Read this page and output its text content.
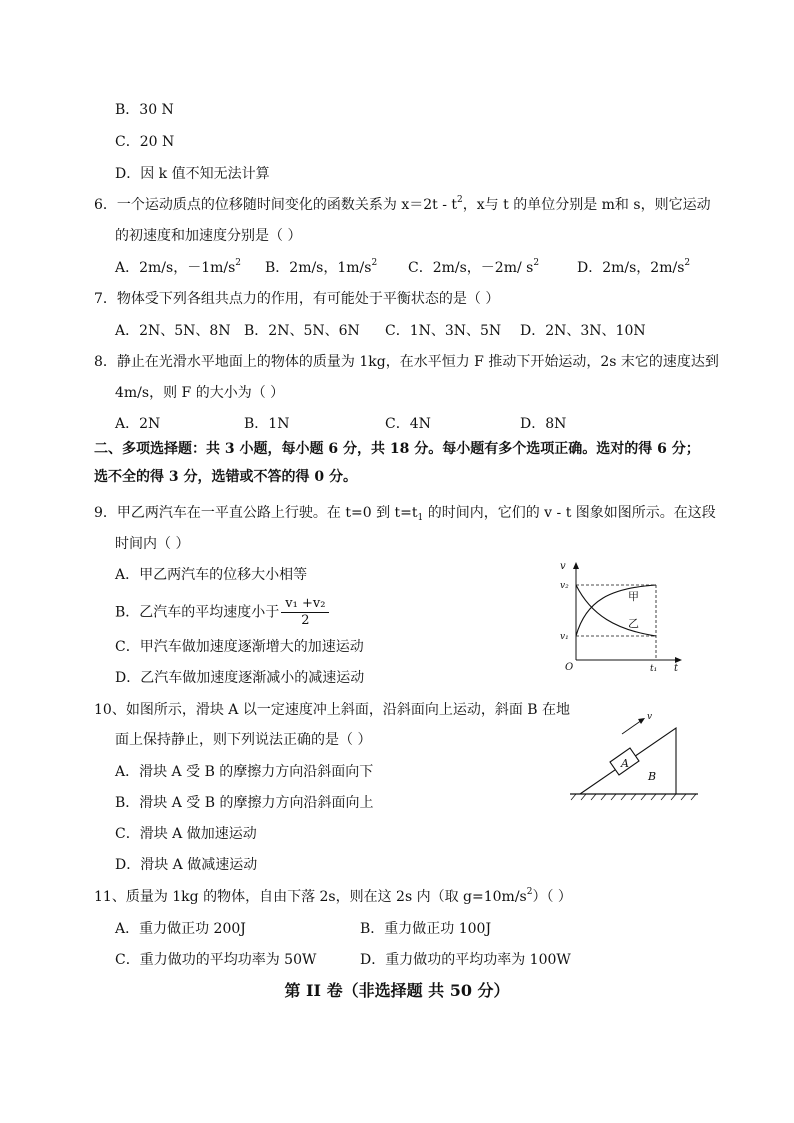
B．30 N
C．20 N
D．因 k 值不知无法计算
6．一个运动质点的位移随时间变化的函数关系为 $x=2t - t^2$，x与 t 的单位分别是 m和 s，则它运动
的初速度和加速度分别是（ ）
A．2m/s，$-1m/s^2$ B．2m/s，$1m/s^2$ C．2m/s，－2m/ $s^2$	D．2m/s，$2m/s^2$
7．物体受下列各组共点力的作用，有可能处于平衡状态的是（ ）
A．2N、5N、8N B．2N、5N、6N C．1N、3N、5N D．2N、3N、10N
8．静止在光滑水平地面上的物体的质量为 1kg，在水平恒力 F 推动下开始运动，2s 末它的速度达到
4m/s，则 F 的大小为（ ）
A．2N	B．1N	C．4N	D．8N
二、多项选择题：共 3 小题，每小题 6 分，共 18 分。每小题有多个选项正确。选对的得 6 分；
选不全的得 3 分，选错或不答的得 0 分。
9．甲乙两汽车在一平直公路上行驶。在 t=0 到 $t=t_1$ 的时间内，它们的 v - t 图象如图所示。在这段
时间内（ ）
A．甲乙两汽车的位移大小相等
B．乙汽车的平均速度小于 $\frac{\text{v₁ +v₂}}{2}$
C．甲汽车做加速度逐渐增大的加速运动
D．乙汽车做加速度逐渐减小的减速运动
v
t
O
v₂
v₁
t₁
甲
乙
10、如图所示，滑块 A 以一定速度冲上斜面，沿斜面向上运动，斜面 B 在地
面上保持静止，则下列说法正确的是（ ）
A．滑块 A 受 B 的摩擦力方向沿斜面向下
B．滑块 A 受 B 的摩擦力方向沿斜面向上
C．滑块 A 做加速运动
D．滑块 A 做减速运动
v
A
B
11、质量为 1kg 的物体，自由下落 2s，则在这 2s 内（取 $g=10m/s^2$）（ ）
A．重力做正功 200J	B．重力做正功 100J
C．重力做功的平均功率为 50W	D．重力做功的平均功率为 100W
第 II 卷（非选择题 共 50 分）
